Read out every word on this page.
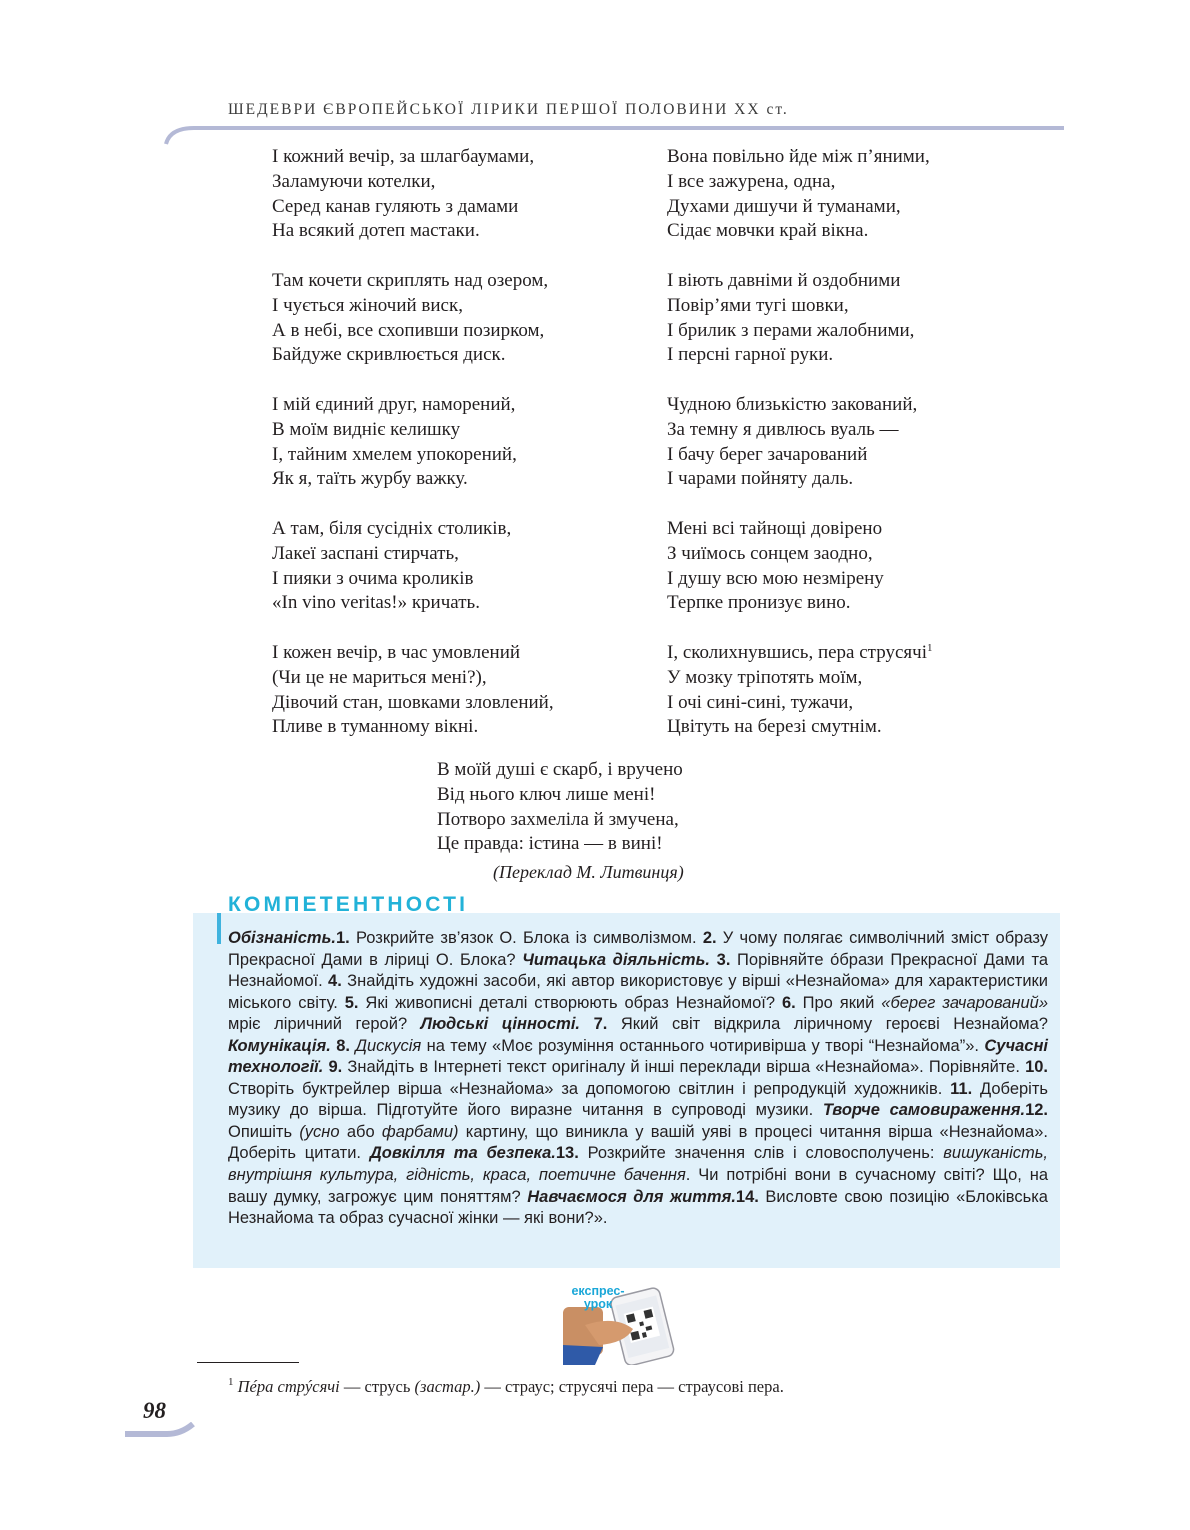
ШЕДЕВРИ ЄВРОПЕЙСЬКОЇ ЛІРИКИ ПЕРШОЇ ПОЛОВИНИ XX ст.
І кожний вечір, за шлагбаумами,
Заламуючи котелки,
Серед канав гуляють з дамами
На всякий дотеп мастаки.
Там кочети скриплять над озером,
І чується жіночий виск,
А в небі, все схопивши позирком,
Байдуже скривлюється диск.
І мій єдиний друг, наморений,
В моїм виднiє келишку
І, тайним хмелем упокорений,
Як я, таїть журбу важку.
А там, біля сусідніх столиків,
Лакеї заспані стирчать,
І пияки з очима кроликів
«In vino veritas!» кричать.
І кожен вечір, в час умовлений
(Чи це не мариться мені?),
Дівочий стан, шовками зловлений,
Пливе в туманному вікні.
Вона повільно йде між п’яними,
І все зажурена, одна,
Духами дишучи й туманами,
Сідає мовчки край вікна.
І віють давніми й оздобними
Повір’ями тугі шовки,
І брилик з перами жалобними,
І персні гарної руки.
Чудною близькістю закований,
За темну я дивлюсь вуаль —
І бачу берег зачарований
І чарами пойняту даль.
Мені всі тайнощі довірено
З чиїмось сонцем заодно,
І душу всю мою незмірену
Терпке пронизує вино.
І, сколихнувшись, пера струсячі$^1$
У мозку тріпотять моїм,
І очі сині-сині, тужачи,
Цвітуть на березі смутнім.
В моїй душі є скарб, і вручено
Від нього ключ лише мені!
Потворо захмеліла й змучена,
Це правда: істина — в вині!
(Переклад М. Литвинця)
КОМПЕТЕНТНОСТІ
Обізнаність.1. Розкрийте зв’язок О. Блока із символізмом. 2. У чому полягає символічний зміст образу Прекрасної Дами в ліриці О. Блока? Читацька діяльність. 3. Порівняйте óбрази Прекрасної Дами та Незнайомої. 4. Знайдіть художні засоби, які автор використовує у вірші «Незнайома» для характеристики міського світу. 5. Які живописні деталі створюють образ Незнайомої? 6. Про який «берег зачарований» мріє ліричний герой? Людські цінності. 7. Який світ відкрила ліричному героєві Незнайома? Комунікація. 8. Дискусія на тему «Моє розуміння останнього чотиривірша у творі “Незнайома”». Сучасні технології. 9. Знайдіть в Інтернеті текст оригіналу й інші переклади вірша «Незнайома». Порівняйте. 10. Створіть буктрейлер вірша «Незнайома» за допомогою світлин і репродукцій художників. 11. Доберіть музику до вірша. Підготуйте його виразне читання в супроводі музики. Творче самовираження.12. Опишіть (усно або фарбами) картину, що виникла у вашій уяві в процесі читання вірша «Незнайома». Доберіть цитати. Довкілля та безпека.13. Розкрийте значення слів і словосполучень: вишуканість, внутрішня культура, гідність, краса, поетичне бачення. Чи потрібні вони в сучасному світі? Що, на вашу думку, загрожує цим поняттям? Навчаємося для життя.14. Висловте свою позицію «Блоківська Незнайома та образ сучасної жінки — які вони?».
експрес-
урок
$^1$ Пéра стрýсячі — струсь (застар.) — страус; струсячі пера — страусові пера.
98
